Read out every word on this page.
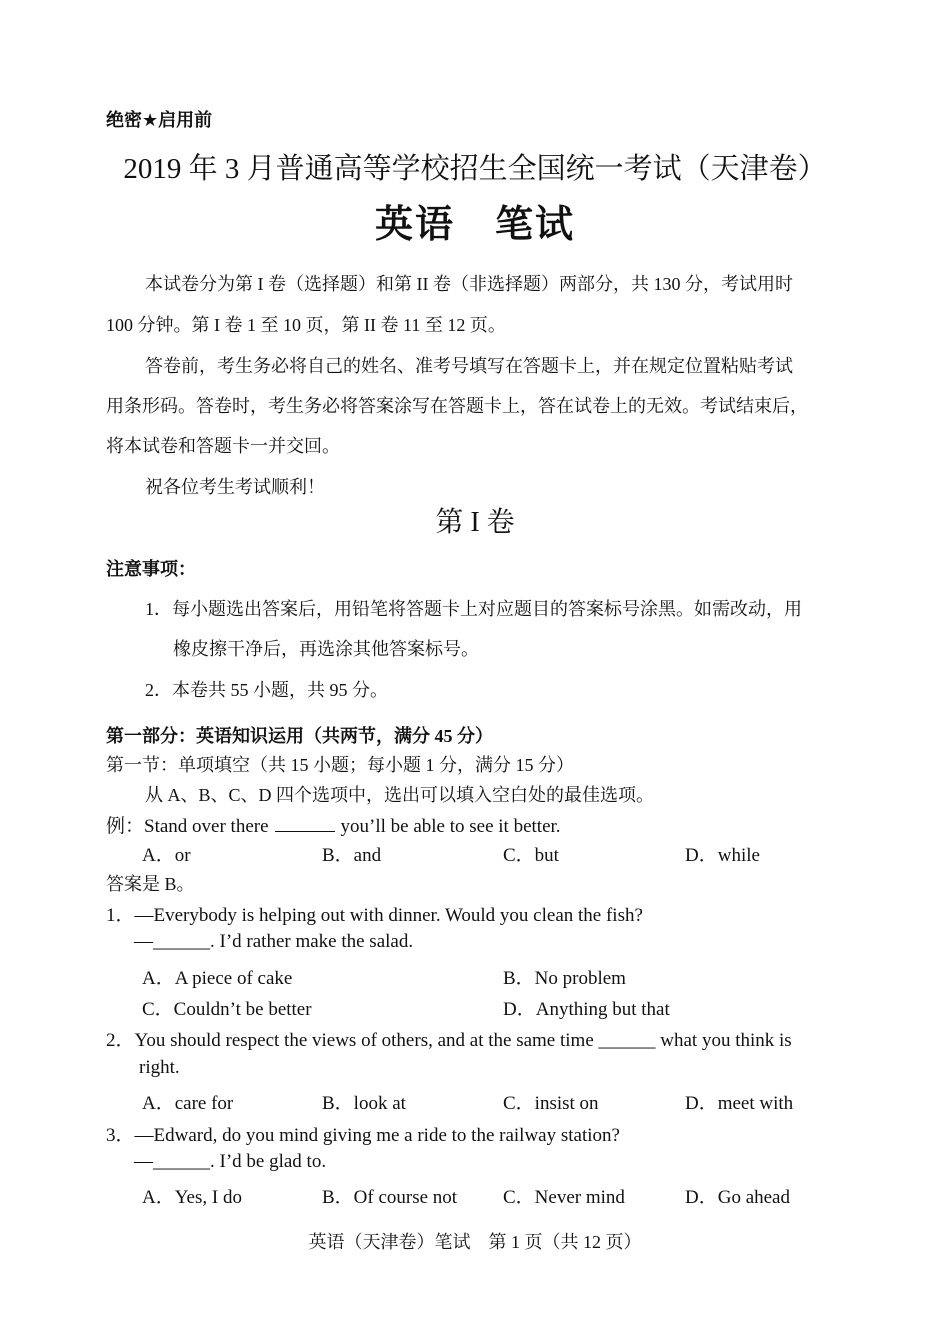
绝密★启用前
2019 年 3 月普通高等学校招生全国统一考试（天津卷）
英语　笔试
本试卷分为第 I 卷（选择题）和第 II 卷（非选择题）两部分，共 130 分，考试用时
100 分钟。第 I 卷 1 至 10 页，第 II 卷 11 至 12 页。
答卷前，考生务必将自己的姓名、准考号填写在答题卡上，并在规定位置粘贴考试
用条形码。答卷时，考生务必将答案涂写在答题卡上，答在试卷上的无效。考试结束后，
将本试卷和答题卡一并交回。
祝各位考生考试顺利！
第 I 卷
注意事项：
1．每小题选出答案后，用铅笔将答题卡上对应题目的答案标号涂黑。如需改动，用
橡皮擦干净后，再选涂其他答案标号。
2．本卷共 55 小题，共 95 分。
第一部分：英语知识运用（共两节，满分 45 分）
第一节：单项填空（共 15 小题；每小题 1 分，满分 15 分）
从 A、B、C、D 四个选项中，选出可以填入空白处的最佳选项。
例：Stand over there	you’ll be able to see it better.
A．or	B．and	C．but	D．while
答案是 B。
1．—Everybody is helping out with dinner. Would you clean the fish?
—______. I’d rather make the salad.
A．A piece of cake	B．No problem
C．Couldn’t be better	D．Anything but that
2．You should respect the views of others, and at the same time ______ what you think is
right.
A．care for	B．look at	C．insist on	D．meet with
3．—Edward, do you mind giving me a ride to the railway station?
—______. I’d be glad to.
A．Yes, I do	B．Of course not C．Never mind	D．Go ahead
英语（天津卷）笔试　第 1 页（共 12 页）
